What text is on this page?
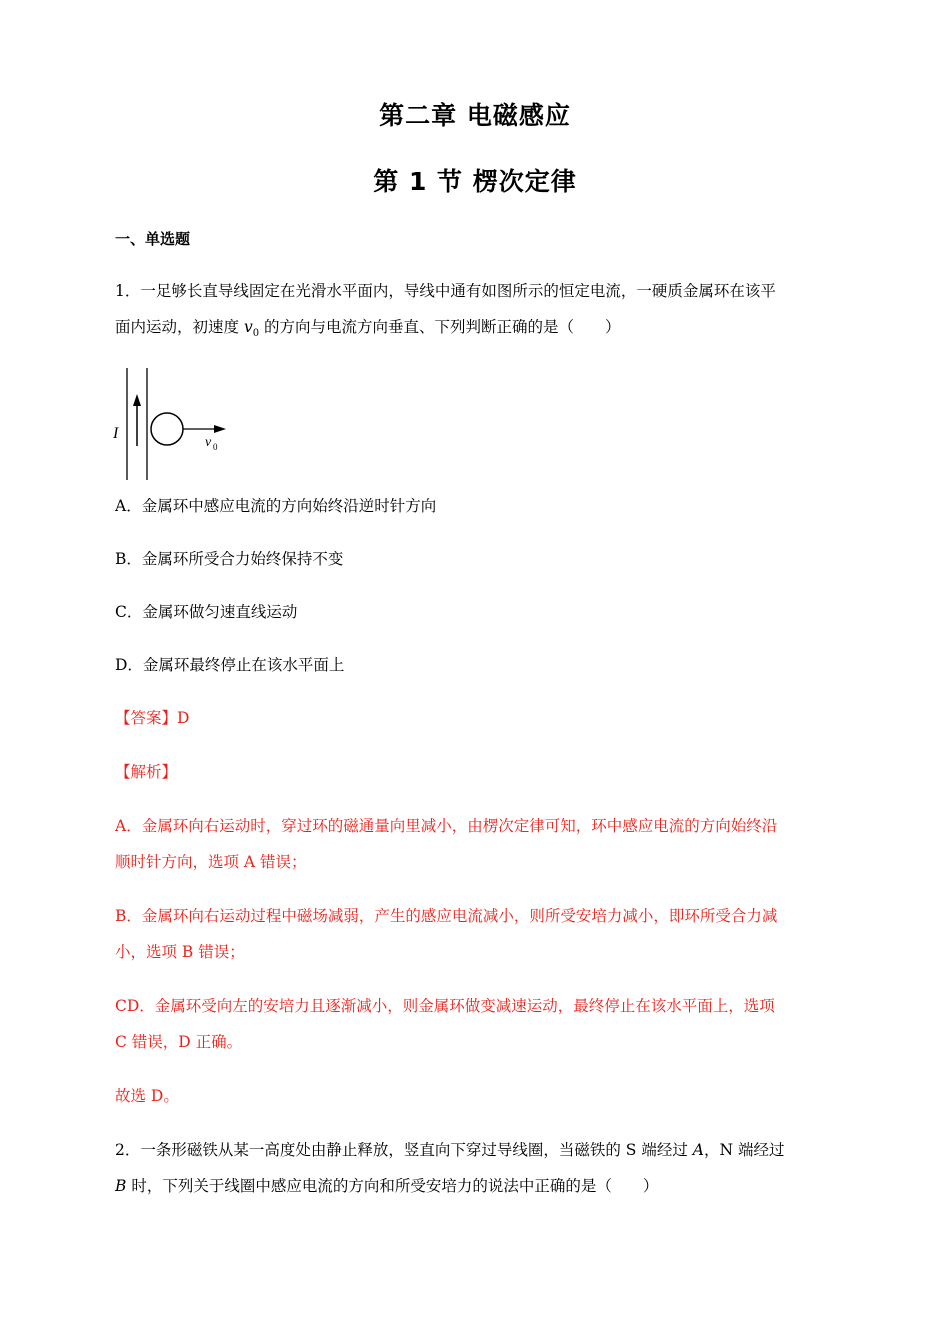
第二章 电磁感应
第 1 节 楞次定律
一、单选题
1．一足够长直导线固定在光滑水平面内，导线中通有如图所示的恒定电流，一硬质金属环在该平
面内运动，初速度 $v_0$ 的方向与电流方向垂直、下列判断正确的是（　　）
I
v 0
A．金属环中感应电流的方向始终沿逆时针方向
B．金属环所受合力始终保持不变
C．金属环做匀速直线运动
D．金属环最终停止在该水平面上
【答案】D
【解析】
A．金属环向右运动时，穿过环的磁通量向里减小，由楞次定律可知，环中感应电流的方向始终沿
顺时针方向，选项 A 错误；
B．金属环向右运动过程中磁场减弱，产生的感应电流减小，则所受安培力减小，即环所受合力减
小，选项 B 错误；
CD．金属环受向左的安培力且逐渐减小，则金属环做变减速运动，最终停止在该水平面上，选项
C 错误，D 正确。
故选 D。
2．一条形磁铁从某一高度处由静止释放，竖直向下穿过导线圈，当磁铁的 S 端经过 A，N 端经过
B 时，下列关于线圈中感应电流的方向和所受安培力的说法中正确的是（　　）
